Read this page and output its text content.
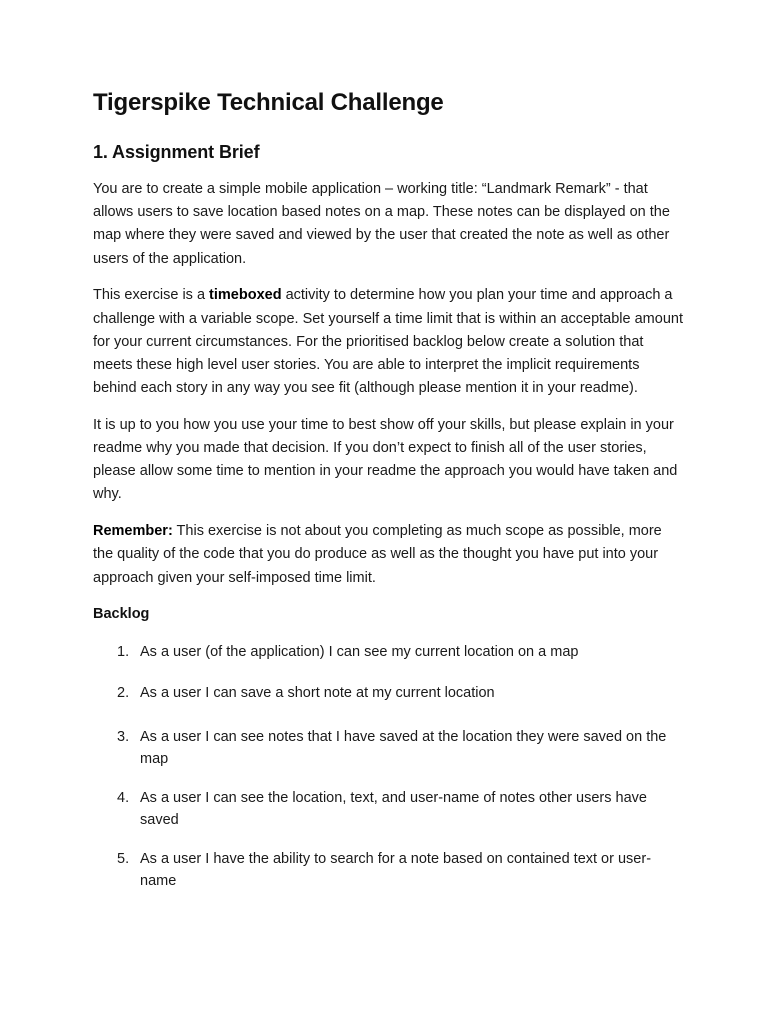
Tigerspike Technical Challenge
1. Assignment Brief

You are to create a simple mobile application – working title: “Landmark Remark” - that allows users to save location based notes on a map. These notes can be displayed on the map where they were saved and viewed by the user that created the note as well as other users of the application.

This exercise is a timeboxed activity to determine how you plan your time and approach a challenge with a variable scope. Set yourself a time limit that is within an acceptable amount for your current circumstances. For the prioritised backlog below create a solution that meets these high level user stories. You are able to interpret the implicit requirements behind each story in any way you see fit (although please mention it in your readme).

It is up to you how you use your time to best show off your skills, but please explain in your readme why you made that decision. If you don’t expect to finish all of the user stories, please allow some time to mention in your readme the approach you would have taken and why.

Remember: This exercise is not about you completing as much scope as possible, more the quality of the code that you do produce as well as the thought you have put into your approach given your self-imposed time limit.

Backlog
1. As a user (of the application) I can see my current location on a map
2. As a user I can save a short note at my current location
3. As a user I can see notes that I have saved at the location they were saved on the map
4. As a user I can see the location, text, and user-name of notes other users have saved
5. As a user I have the ability to search for a note based on contained text or user-name
